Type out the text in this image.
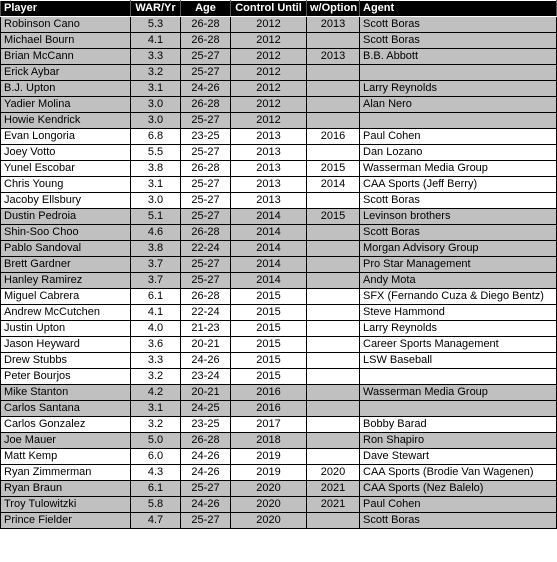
Player	WAR/Yr	Age	Control Until	w/Option	Agent
Robinson Cano	5.3	26-28	2012	2013	Scott Boras
Michael Bourn	4.1	26-28	2012		Scott Boras
Brian McCann	3.3	25-27	2012	2013	B.B. Abbott
Erick Aybar	3.2	25-27	2012		
B.J. Upton	3.1	24-26	2012		Larry Reynolds
Yadier Molina	3.0	26-28	2012		Alan Nero
Howie Kendrick	3.0	25-27	2012		
Evan Longoria	6.8	23-25	2013	2016	Paul Cohen
Joey Votto	5.5	25-27	2013		Dan Lozano
Yunel Escobar	3.8	26-28	2013	2015	Wasserman Media Group
Chris Young	3.1	25-27	2013	2014	CAA Sports (Jeff Berry)
Jacoby Ellsbury	3.0	25-27	2013		Scott Boras
Dustin Pedroia	5.1	25-27	2014	2015	Levinson brothers
Shin-Soo Choo	4.6	26-28	2014		Scott Boras
Pablo Sandoval	3.8	22-24	2014		Morgan Advisory Group
Brett Gardner	3.7	25-27	2014		Pro Star Management
Hanley Ramirez	3.7	25-27	2014		Andy Mota
Miguel Cabrera	6.1	26-28	2015		SFX (Fernando Cuza & Diego Bentz)
Andrew McCutchen	4.1	22-24	2015		Steve Hammond
Justin Upton	4.0	21-23	2015		Larry Reynolds
Jason Heyward	3.6	20-21	2015		Career Sports Management
Drew Stubbs	3.3	24-26	2015		LSW Baseball
Peter Bourjos	3.2	23-24	2015		
Mike Stanton	4.2	20-21	2016		Wasserman Media Group
Carlos Santana	3.1	24-25	2016		
Carlos Gonzalez	3.2	23-25	2017		Bobby Barad
Joe Mauer	5.0	26-28	2018		Ron Shapiro
Matt Kemp	6.0	24-26	2019		Dave Stewart
Ryan Zimmerman	4.3	24-26	2019	2020	CAA Sports (Brodie Van Wagenen)
Ryan Braun	6.1	25-27	2020	2021	CAA Sports (Nez Balelo)
Troy Tulowitzki	5.8	24-26	2020	2021	Paul Cohen
Prince Fielder	4.7	25-27	2020		Scott Boras
